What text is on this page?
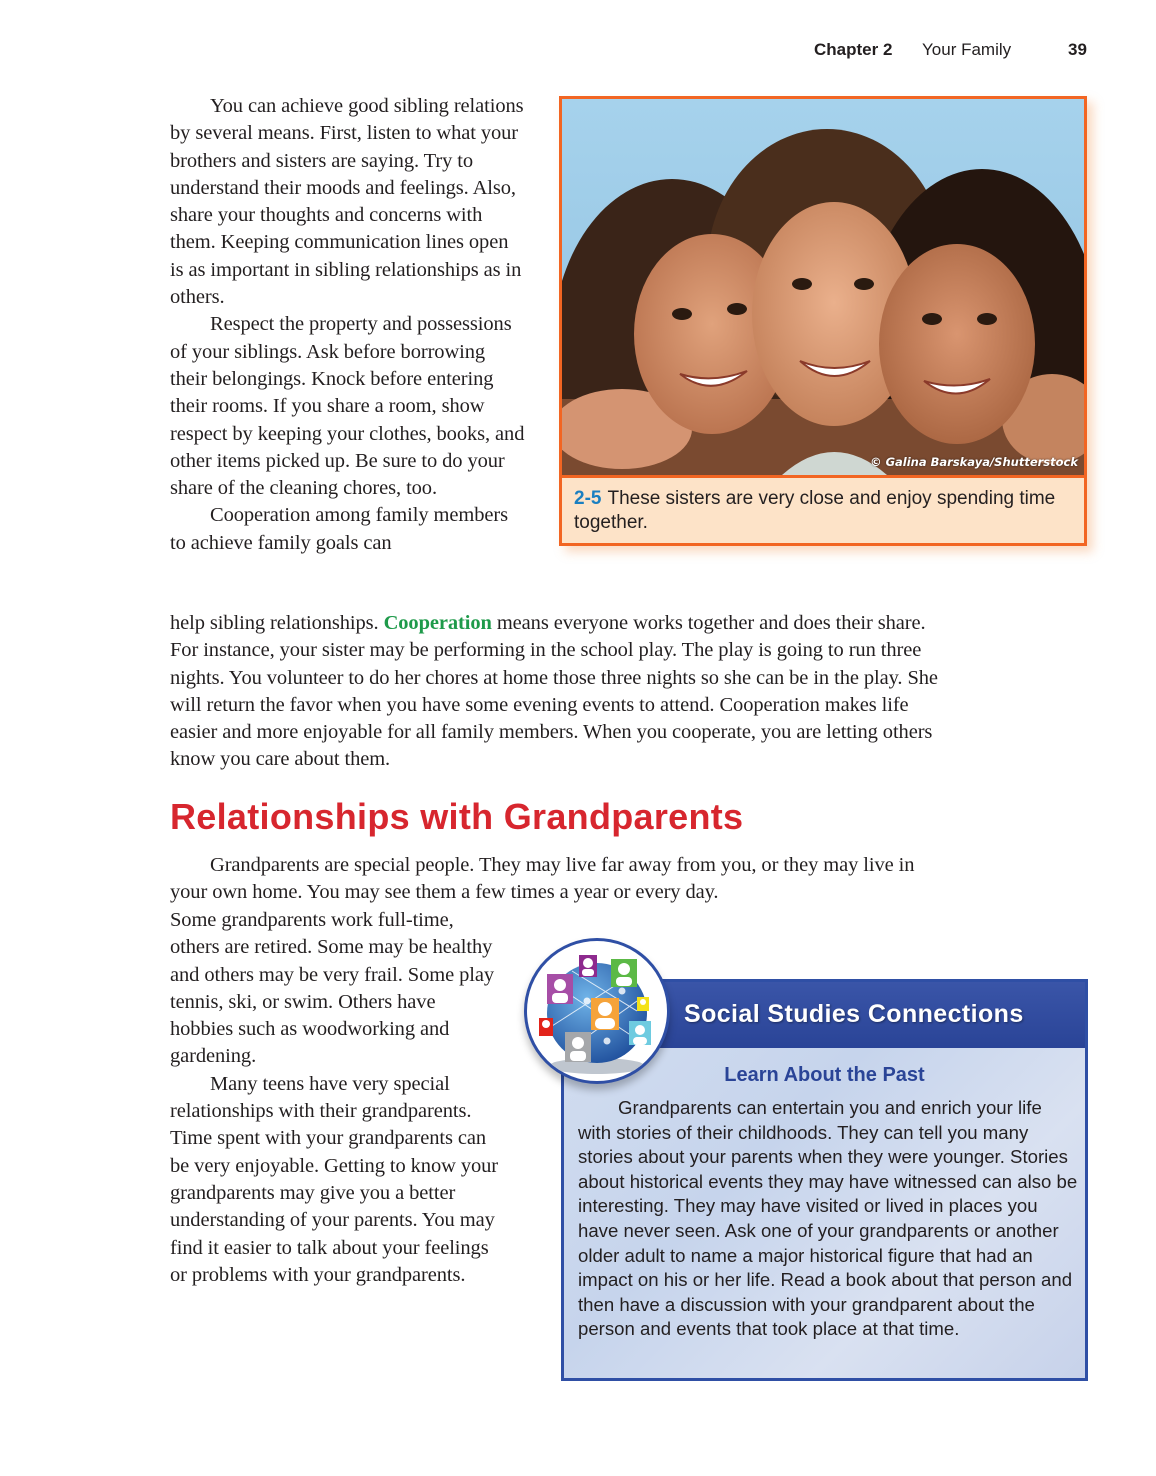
Chapter 2 Your Family	39

You can achieve good sibling relations by several means. First, listen to what your brothers and sisters are saying. Try to understand their moods and feelings. Also, share your thoughts and concerns with them. Keeping communication lines open is as important in sibling relationships as in others.

Respect the property and possessions of your siblings. Ask before borrowing their belongings. Knock before entering their rooms. If you share a room, show respect by keeping your clothes, books, and other items picked up. Be sure to do your share of the cleaning chores, too.

Cooperation among family members to achieve family goals can

help sibling relationships. Cooperation means everyone works together and does their share. For instance, your sister may be performing in the school play. The play is going to run three nights. You volunteer to do her chores at home those three nights so she can be in the play. She will return the favor when you have some evening events to attend. Cooperation makes life easier and more enjoyable for all family members. When you cooperate, you are letting others know you care about them.

© Galina Barskaya/Shutterstock
2-5 These sisters are very close and enjoy spending time together.
Relationships with Grandparents

Grandparents are special people. They may live far away from you, or they may live in your own home. You may see them a few times a year or every day.

Some grandparents work full-time, others are retired. Some may be healthy and others may be very frail. Some play tennis, ski, or swim. Others have hobbies such as woodworking and gardening.

Many teens have very special relationships with their grandparents. Time spent with your grandparents can be very enjoyable. Getting to know your grandparents may give you a better understanding of your parents. You may find it easier to talk about your feelings or problems with your grandparents.

Social Studies Connections
Learn About the Past

Grandparents can entertain you and enrich your life with stories of their childhoods. They can tell you many stories about your parents when they were younger. Stories about historical events they may have witnessed can also be interesting. They may have visited or lived in places you have never seen. Ask one of your grandparents or another older adult to name a major historical figure that had an impact on his or her life. Read a book about that person and then have a discussion with your grandparent about the person and events that took place at that time.
